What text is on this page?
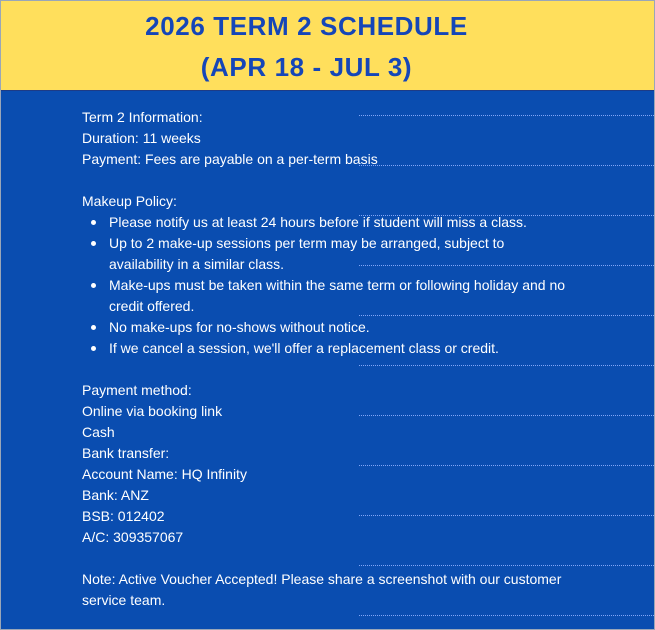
2026 TERM 2 SCHEDULE
(APR 18 - JUL 3)
Term 2 Information:
Duration: 11 weeks
Payment: Fees are payable on a per-term basis
Makeup Policy:
Please notify us at least 24 hours before if student will miss a class.
Up to 2 make-up sessions per term may be arranged, subject to availability in a similar class.
Make-ups must be taken within the same term or following holiday and no credit offered.
No make-ups for no-shows without notice.
If we cancel a session, we'll offer a replacement class or credit.
Payment method:
Online via booking link
Cash
Bank transfer:
Account Name: HQ Infinity
Bank: ANZ
BSB: 012402
A/C: 309357067
Note: Active Voucher Accepted! Please share a screenshot with our customer service team.
